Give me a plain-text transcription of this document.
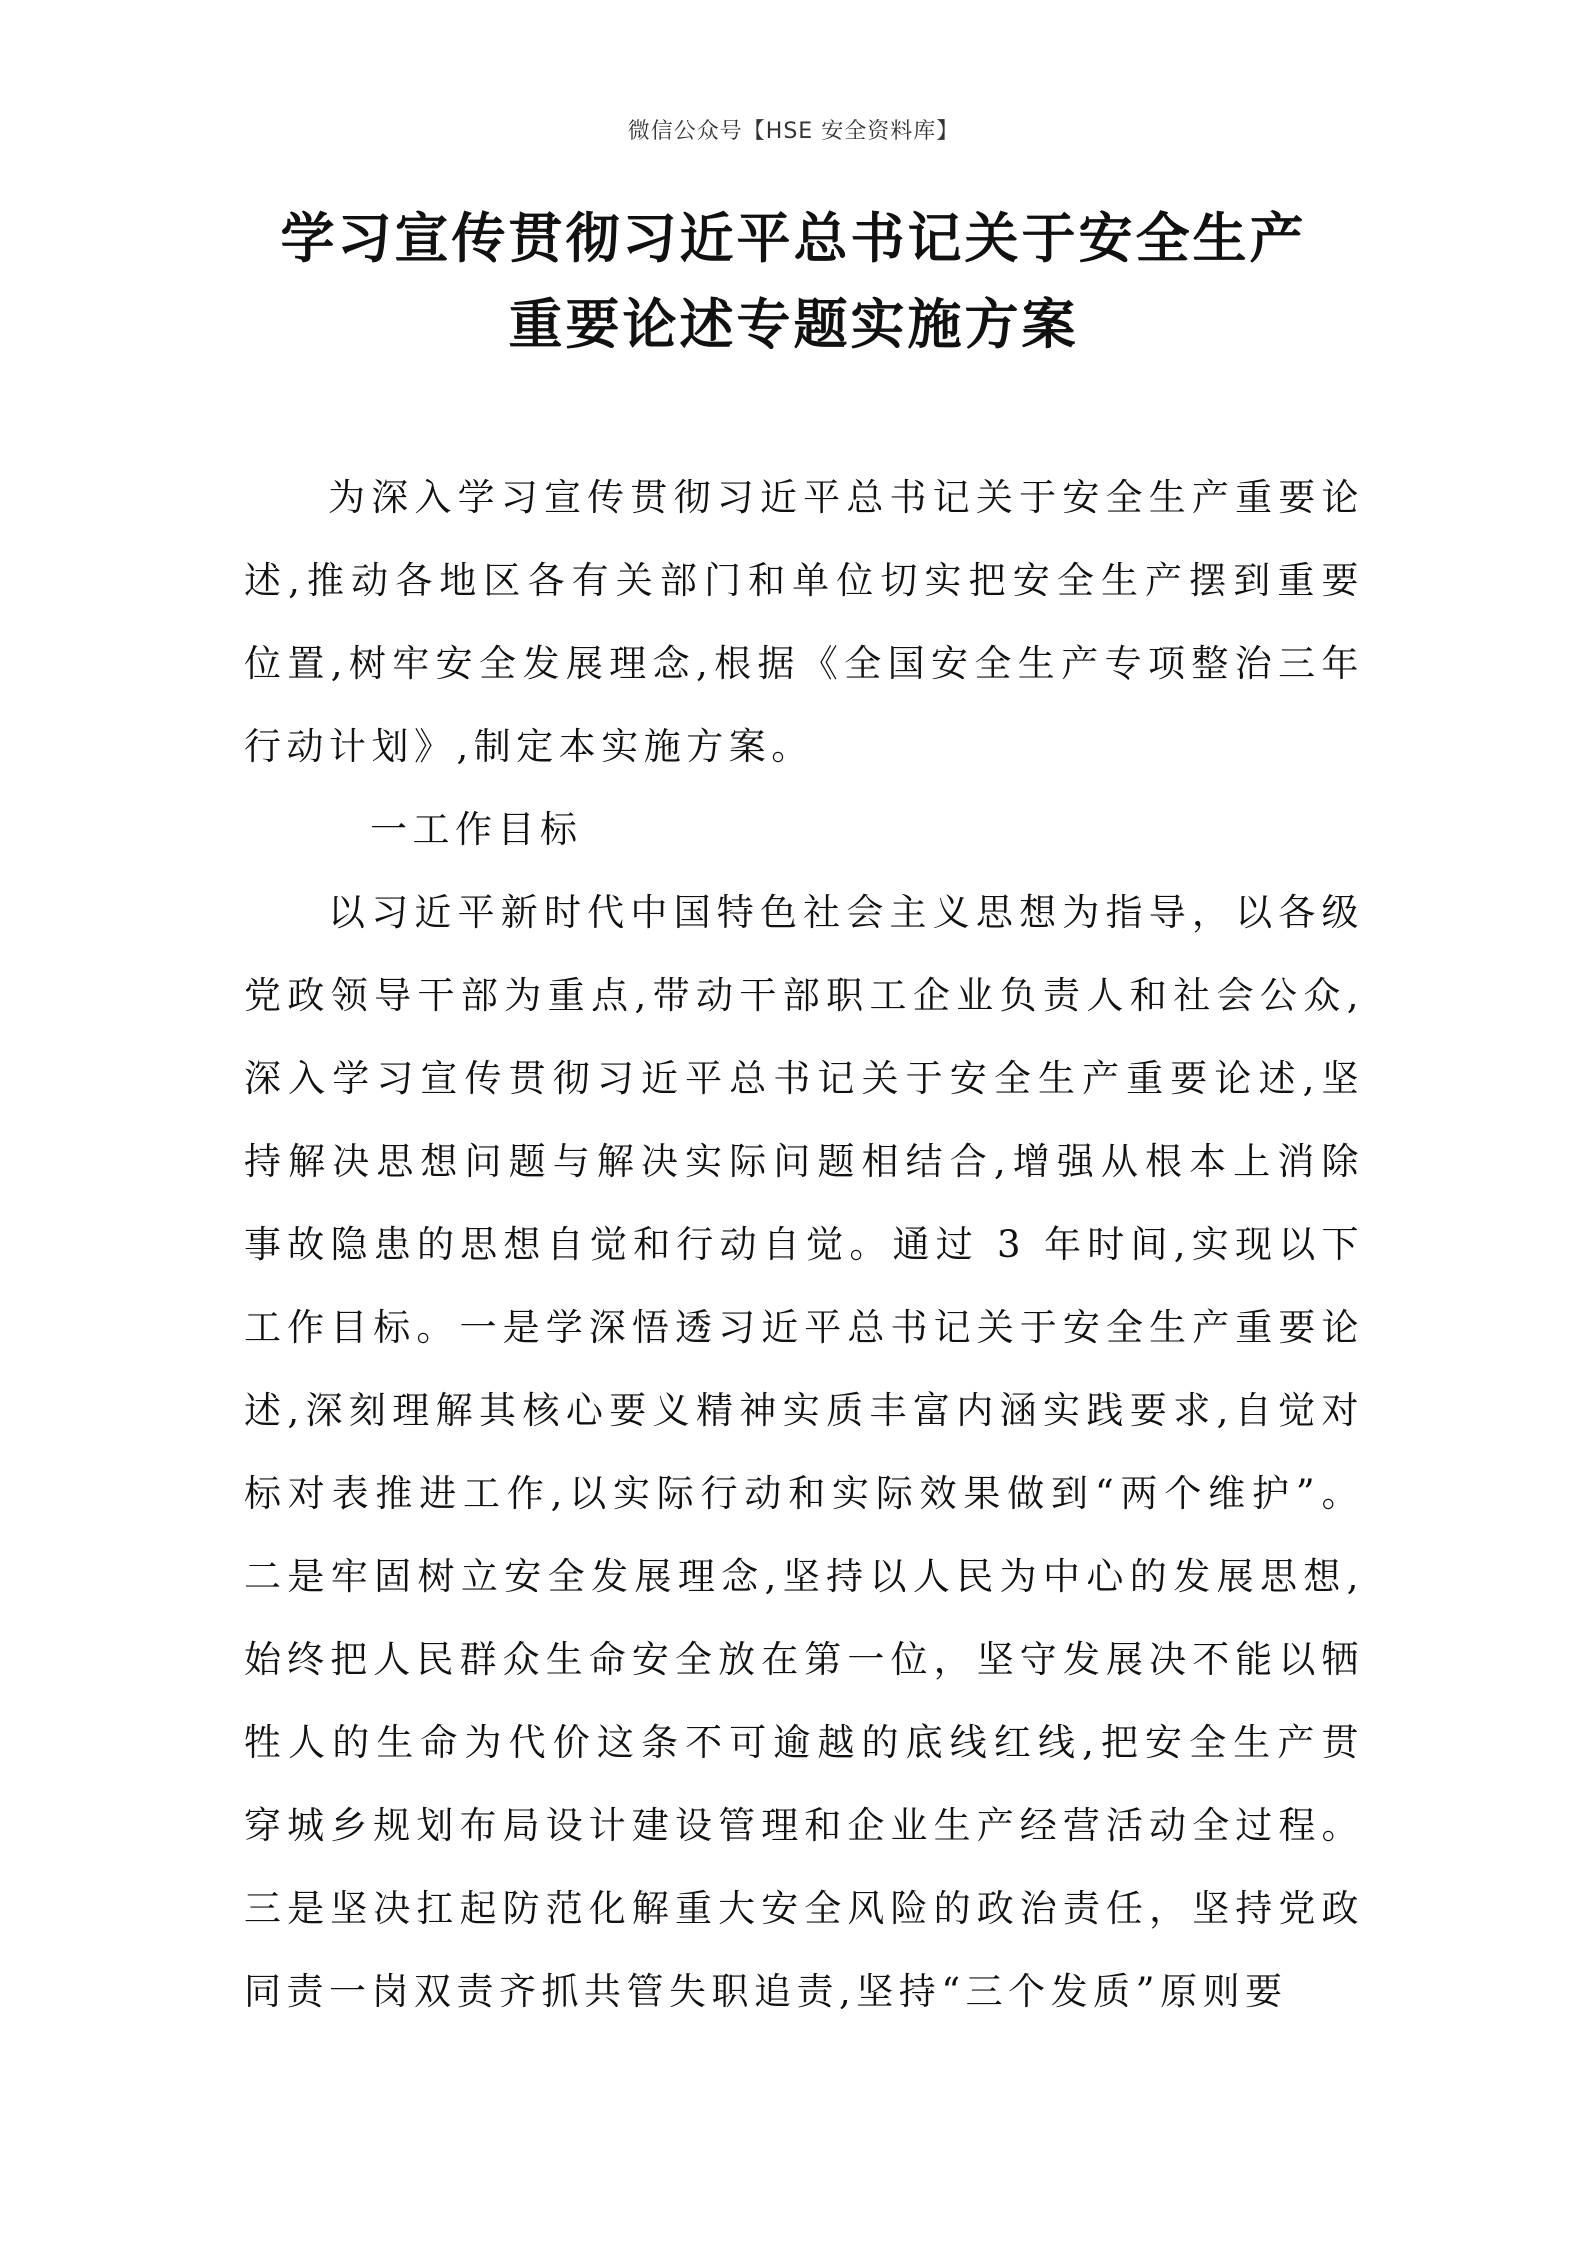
微信公众号【HSE 安全资料库】
学习宣传贯彻习近平总书记关于安全生产
重要论述专题实施方案

为深入学习宣传贯彻习近平总书记关于安全生产重要论述,推动各地区各有关部门和单位切实把安全生产摆到重要位置,树牢安全发展理念,根据《全国安全生产专项整治三年行动计划》,制定本实施方案。

一工作目标

以习近平新时代中国特色社会主义思想为指导，以各级党政领导干部为重点,带动干部职工企业负责人和社会公众,深入学习宣传贯彻习近平总书记关于安全生产重要论述,坚持解决思想问题与解决实际问题相结合,增强从根本上消除事故隐患的思想自觉和行动自觉。通过 3 年时间,实现以下工作目标。一是学深悟透习近平总书记关于安全生产重要论述,深刻理解其核心要义精神实质丰富内涵实践要求,自觉对标对表推进工作,以实际行动和实际效果做到“两个维护”。二是牢固树立安全发展理念,坚持以人民为中心的发展思想,始终把人民群众生命安全放在第一位，坚守发展决不能以牺牲人的生命为代价这条不可逾越的底线红线,把安全生产贯穿城乡规划布局设计建设管理和企业生产经营活动全过程。三是坚决扛起防范化解重大安全风险的政治责任，坚持党政同责一岗双责齐抓共管失职追责,坚持“三个发质”原则要
